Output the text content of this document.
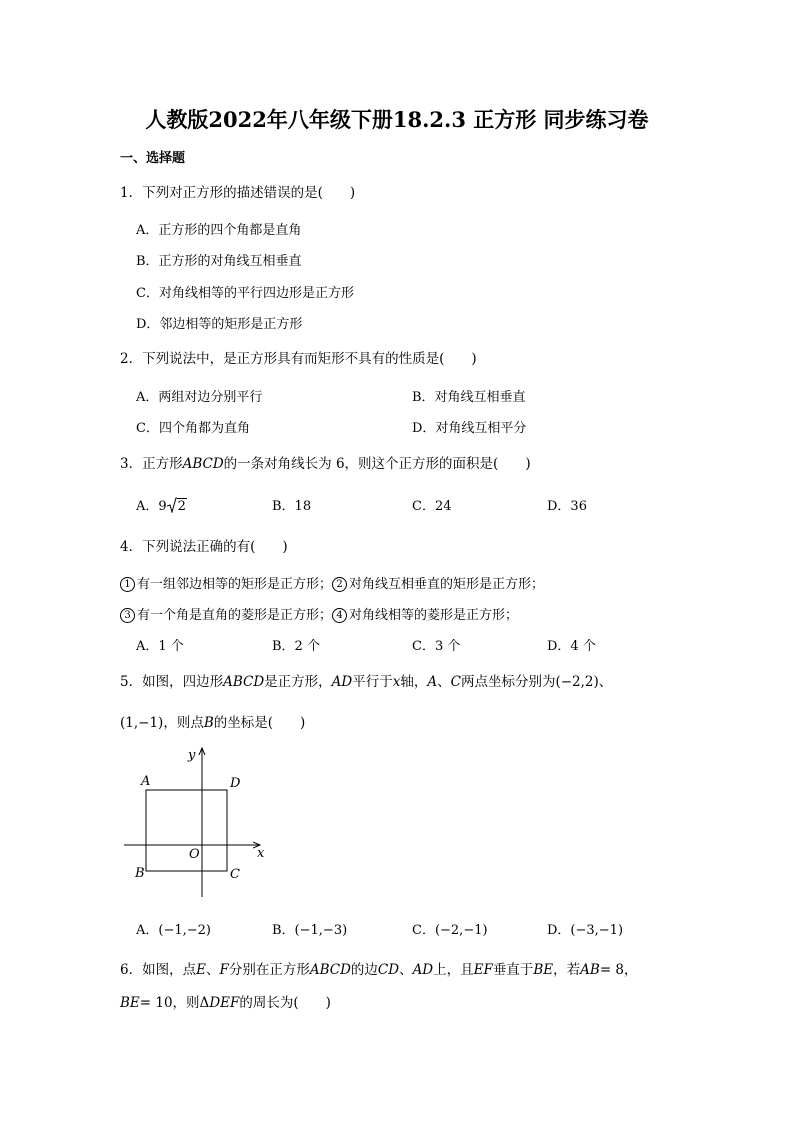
人教版2022年八年级下册18.2.3 正方形 同步练习卷
一、选择题
1．下列对正方形的描述错误的是(　　)
A．正方形的四个角都是直角
B．正方形的对角线互相垂直
C．对角线相等的平行四边形是正方形
D．邻边相等的矩形是正方形
2．下列说法中，是正方形具有而矩形不具有的性质是(　　)
A．两组对边分别平行	B．对角线互相垂直
C．四个角都为直角	D．对角线互相平分
3．正方形ABCD的一条对角线长为 6，则这个正方形的面积是(　　)
A．9 2	B．18	C．24	D．36
4．下列说法正确的有(　　)
1 有一组邻边相等的矩形是正方形； 2 对角线互相垂直的矩形是正方形；
3 有一个角是直角的菱形是正方形； 4 对角线相等的菱形是正方形；
A．1 个	B．2 个	C．3 个	D．4 个
5．如图，四边形ABCD是正方形，AD平行于x轴，A、C两点坐标分别为(−2,2)、
(1,−1)，则点B的坐标是(　　)
A	D
B	C
O	x
y
A．(−1,−2)	B．(−1,−3)	C．(−2,−1)	D．(−3,−1)
6．如图，点E、F分别在正方形ABCD的边CD、AD上，且EF垂直于BE，若AB= 8，
BE= 10，则ΔDEF的周长为(　　)
